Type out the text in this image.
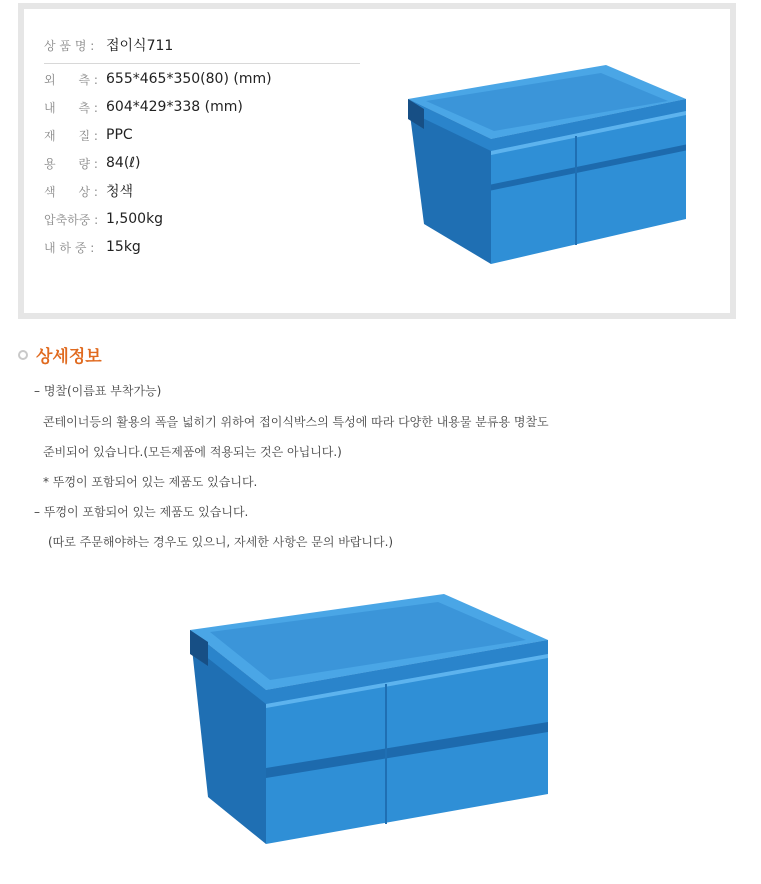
상 품 명 : 접이식711
외      측 : 655*465*350(80) (mm)
내      측 : 604*429*338 (mm)
재      질 : PPC
용      량 : 84(ℓ)
색      상 : 청색
압축하중 : 1,500kg
내 하 중 : 15kg
상세정보
– 명찰(이름표 부착가능)
콘테이너등의 활용의 폭을 넓히기 위하여 접이식박스의 특성에 따라 다양한 내용물 분류용 명찰도
준비되어 있습니다.(모든제품에 적용되는 것은 아닙니다.)
* 뚜껑이 포함되어 있는 제품도 있습니다.
– 뚜껑이 포함되어 있는 제품도 있습니다.
(따로 주문해야하는 경우도 있으니, 자세한 사항은 문의 바랍니다.)
